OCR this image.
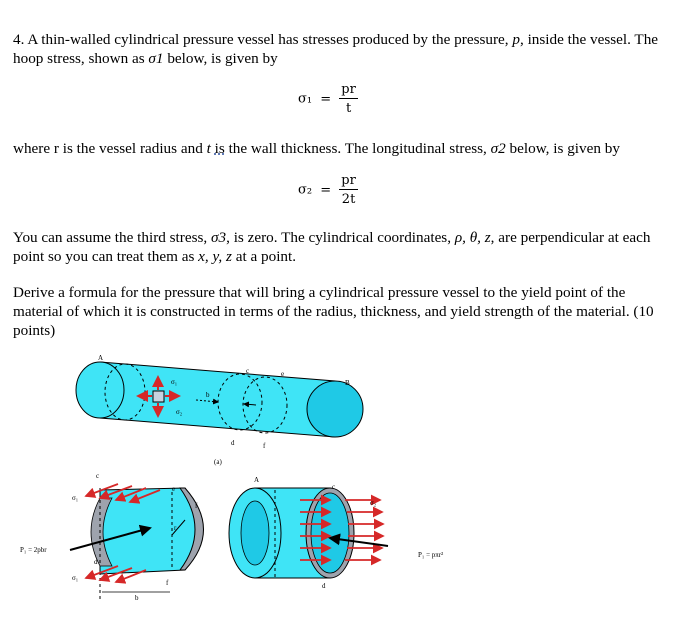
4. A thin-walled cylindrical pressure vessel has stresses produced by the pressure, p, inside the vessel. The hoop stress, shown as σ1 below, is given by

$\sigma_1 = \frac{pr}{t}$

where r is the vessel radius and t is the wall thickness. The longitudinal stress, σ2 below, is given by

$\sigma_2 = \frac{pr}{2t}$

You can assume the third stress, σ3, is zero. The cylindrical coordinates, ρ, θ, z, are perpendicular at each point so you can treat them as x, y, z at a point.

Derive a formula for the pressure that will bring a cylindrical pressure vessel to the yield point of the material of which it is constructed in terms of the radius, thickness, and yield strength of the material. (10 points)

A
B
c	e
b
d	f
σ₁
σ₂
(a)
c
f
e
r
d
b
f
σ₁
σ₁
P₁ = 2pbr
A
c
d
σ₂
P₁ = pπr²
